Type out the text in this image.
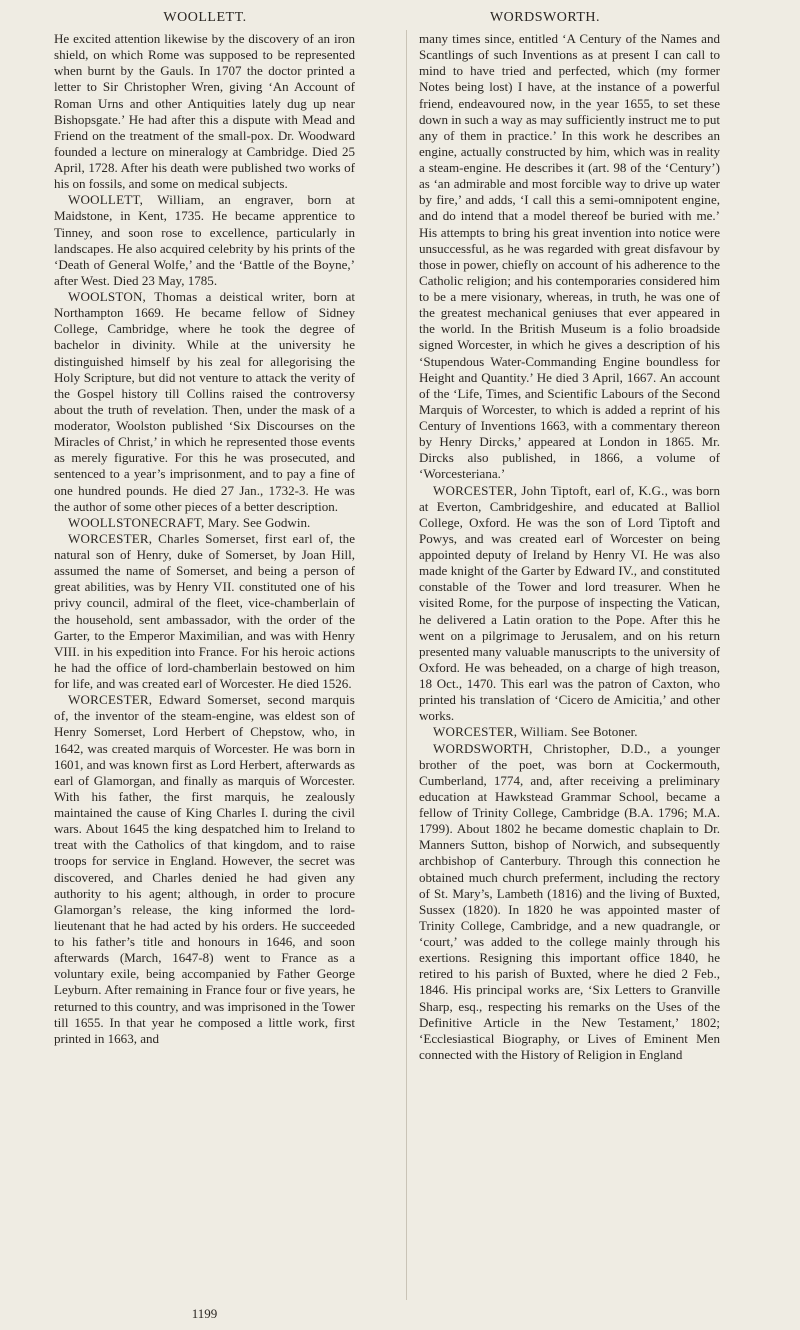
WOOLLETT.	WORDSWORTH.

He excited attention likewise by the discovery of an iron shield, on which Rome was supposed to be represented when burnt by the Gauls. In 1707 the doctor printed a letter to Sir Christopher Wren, giving ‘An Account of Roman Urns and other Antiquities lately dug up near Bishopsgate.’ He had after this a dispute with Mead and Friend on the treatment of the small-pox. Dr. Woodward founded a lecture on mineralogy at Cambridge. Died 25 April, 1728. After his death were published two works of his on fossils, and some on medical subjects.

WOOLLETT, William, an engraver, born at Maidstone, in Kent, 1735. He became apprentice to Tinney, and soon rose to excellence, particularly in landscapes. He also acquired celebrity by his prints of the ‘Death of General Wolfe,’ and the ‘Battle of the Boyne,’ after West. Died 23 May, 1785.

WOOLSTON, Thomas a deistical writer, born at Northampton 1669. He became fellow of Sidney College, Cambridge, where he took the degree of bachelor in divinity. While at the university he distinguished himself by his zeal for allegorising the Holy Scripture, but did not venture to attack the verity of the Gospel history till Collins raised the controversy about the truth of revelation. Then, under the mask of a moderator, Woolston published ‘Six Discourses on the Miracles of Christ,’ in which he represented those events as merely figurative. For this he was prosecuted, and sentenced to a year’s imprisonment, and to pay a fine of one hundred pounds. He died 27 Jan., 1732-3. He was the author of some other pieces of a better description.

WOOLLSTONECRAFT, Mary. See Godwin.

WORCESTER, Charles Somerset, first earl of, the natural son of Henry, duke of Somerset, by Joan Hill, assumed the name of Somerset, and being a person of great abilities, was by Henry VII. constituted one of his privy council, admiral of the fleet, vice-chamberlain of the household, sent ambassador, with the order of the Garter, to the Emperor Maximilian, and was with Henry VIII. in his expedition into France. For his heroic actions he had the office of lord-chamberlain bestowed on him for life, and was created earl of Worcester. He died 1526.

WORCESTER, Edward Somerset, second marquis of, the inventor of the steam-engine, was eldest son of Henry Somerset, Lord Herbert of Chepstow, who, in 1642, was created marquis of Worcester. He was born in 1601, and was known first as Lord Herbert, afterwards as earl of Glamorgan, and finally as marquis of Worcester. With his father, the first marquis, he zealously maintained the cause of King Charles I. during the civil wars. About 1645 the king despatched him to Ireland to treat with the Catholics of that kingdom, and to raise troops for service in England. However, the secret was discovered, and Charles denied he had given any authority to his agent; although, in order to procure Glamorgan’s release, the king informed the lord-lieutenant that he had acted by his orders. He succeeded to his father’s title and honours in 1646, and soon afterwards (March, 1647-8) went to France as a voluntary exile, being accompanied by Father George Leyburn. After remaining in France four or five years, he returned to this country, and was imprisoned in the Tower till 1655. In that year he composed a little work, first printed in 1663, and

many times since, entitled ‘A Century of the Names and Scantlings of such Inventions as at present I can call to mind to have tried and perfected, which (my former Notes being lost) I have, at the instance of a powerful friend, endeavoured now, in the year 1655, to set these down in such a way as may sufficiently instruct me to put any of them in practice.’ In this work he describes an engine, actually constructed by him, which was in reality a steam-engine. He describes it (art. 98 of the ‘Century’) as ‘an admirable and most forcible way to drive up water by fire,’ and adds, ‘I call this a semi-omnipotent engine, and do intend that a model thereof be buried with me.’ His attempts to bring his great invention into notice were unsuccessful, as he was regarded with great disfavour by those in power, chiefly on account of his adherence to the Catholic religion; and his contemporaries considered him to be a mere visionary, whereas, in truth, he was one of the greatest mechanical geniuses that ever appeared in the world. In the British Museum is a folio broadside signed Worcester, in which he gives a description of his ‘Stupendous Water-Commanding Engine boundless for Height and Quantity.’ He died 3 April, 1667. An account of the ‘Life, Times, and Scientific Labours of the Second Marquis of Worcester, to which is added a reprint of his Century of Inventions 1663, with a commentary thereon by Henry Dircks,’ appeared at London in 1865. Mr. Dircks also published, in 1866, a volume of ‘Worcesteriana.’

WORCESTER, John Tiptoft, earl of, K.G., was born at Everton, Cambridgeshire, and educated at Balliol College, Oxford. He was the son of Lord Tiptoft and Powys, and was created earl of Worcester on being appointed deputy of Ireland by Henry VI. He was also made knight of the Garter by Edward IV., and constituted constable of the Tower and lord treasurer. When he visited Rome, for the purpose of inspecting the Vatican, he delivered a Latin oration to the Pope. After this he went on a pilgrimage to Jerusalem, and on his return presented many valuable manuscripts to the university of Oxford. He was beheaded, on a charge of high treason, 18 Oct., 1470. This earl was the patron of Caxton, who printed his translation of ‘Cicero de Amicitia,’ and other works.

WORCESTER, William. See Botoner.

WORDSWORTH, Christopher, D.D., a younger brother of the poet, was born at Cockermouth, Cumberland, 1774, and, after receiving a preliminary education at Hawkstead Grammar School, became a fellow of Trinity College, Cambridge (B.A. 1796; M.A. 1799). About 1802 he became domestic chaplain to Dr. Manners Sutton, bishop of Norwich, and subsequently archbishop of Canterbury. Through this connection he obtained much church preferment, including the rectory of St. Mary’s, Lambeth (1816) and the living of Buxted, Sussex (1820). In 1820 he was appointed master of Trinity College, Cambridge, and a new quadrangle, or ‘court,’ was added to the college mainly through his exertions. Resigning this important office 1840, he retired to his parish of Buxted, where he died 2 Feb., 1846. His principal works are, ‘Six Letters to Granville Sharp, esq., respecting his remarks on the Uses of the Definitive Article in the New Testament,’ 1802; ‘Ecclesiastical Biography, or Lives of Eminent Men connected with the History of Religion in England

1199
